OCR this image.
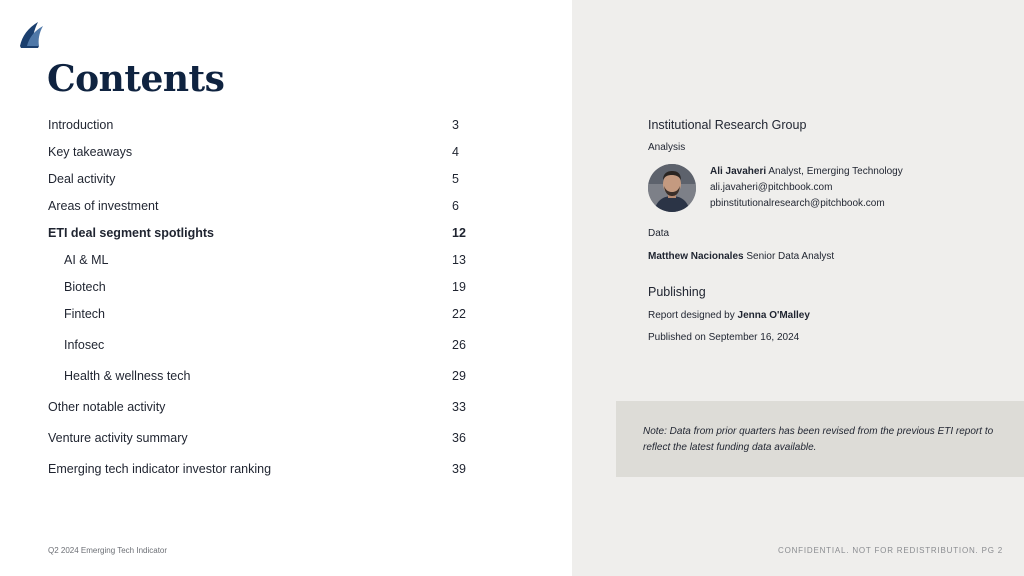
Contents
Introduction	3
Key takeaways	4
Deal activity	5
Areas of investment	6
ETI deal segment spotlights	12
AI & ML	13
Biotech	19
Fintech	22
Infosec	26
Health & wellness tech	29
Other notable activity	33
Venture activity summary	36
Emerging tech indicator investor ranking	39
Institutional Research Group
Analysis
Ali Javaheri Analyst, Emerging Technology
ali.javaheri@pitchbook.com
pbinstitutionalresearch@pitchbook.com
Data
Matthew Nacionales Senior Data Analyst
Publishing
Report designed by Jenna O'Malley
Published on September 16, 2024
Note: Data from prior quarters has been revised from the previous ETI report to reflect the latest funding data available.
Q2 2024 Emerging Tech Indicator	CONFIDENTIAL. NOT FOR REDISTRIBUTION. PG 2
